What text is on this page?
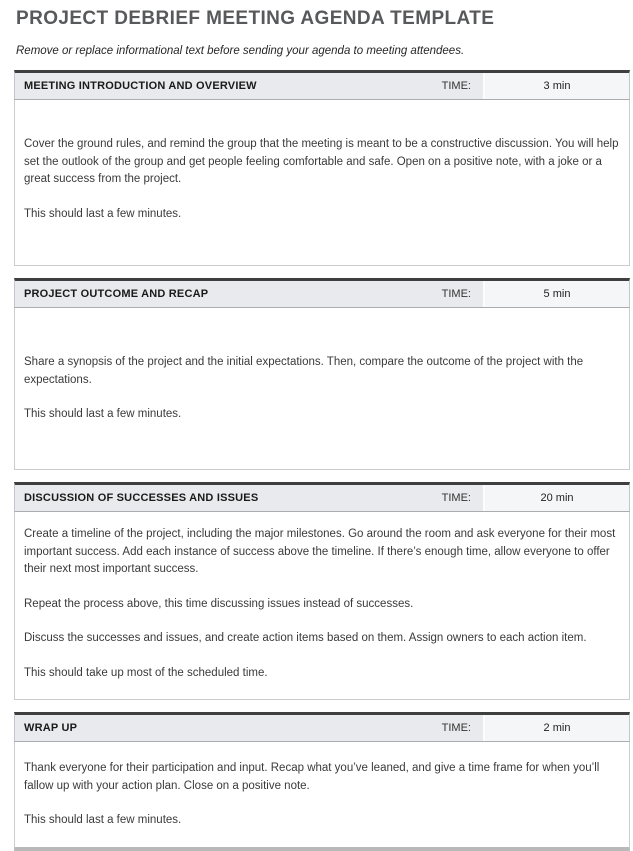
PROJECT DEBRIEF MEETING AGENDA TEMPLATE

Remove or replace informational text before sending your agenda to meeting attendees.

MEETING INTRODUCTION AND OVERVIEW	TIME:	3 min

Cover the ground rules, and remind the group that the meeting is meant to be a constructive discussion. You will help set the outlook of the group and get people feeling comfortable and safe. Open on a positive note, with a joke or a great success from the project.

This should last a few minutes.

PROJECT OUTCOME AND RECAP	TIME:	5 min

Share a synopsis of the project and the initial expectations. Then, compare the outcome of the project with the expectations.

This should last a few minutes.

DISCUSSION OF SUCCESSES AND ISSUES	TIME:	20 min

Create a timeline of the project, including the major milestones. Go around the room and ask everyone for their most important success. Add each instance of success above the timeline. If there’s enough time, allow everyone to offer their next most important success.

Repeat the process above, this time discussing issues instead of successes.

Discuss the successes and issues, and create action items based on them. Assign owners to each action item.

This should take up most of the scheduled time.

WRAP UP	TIME:	2 min

Thank everyone for their participation and input. Recap what you’ve leaned, and give a time frame for when you’ll fallow up with your action plan. Close on a positive note.

This should last a few minutes.
